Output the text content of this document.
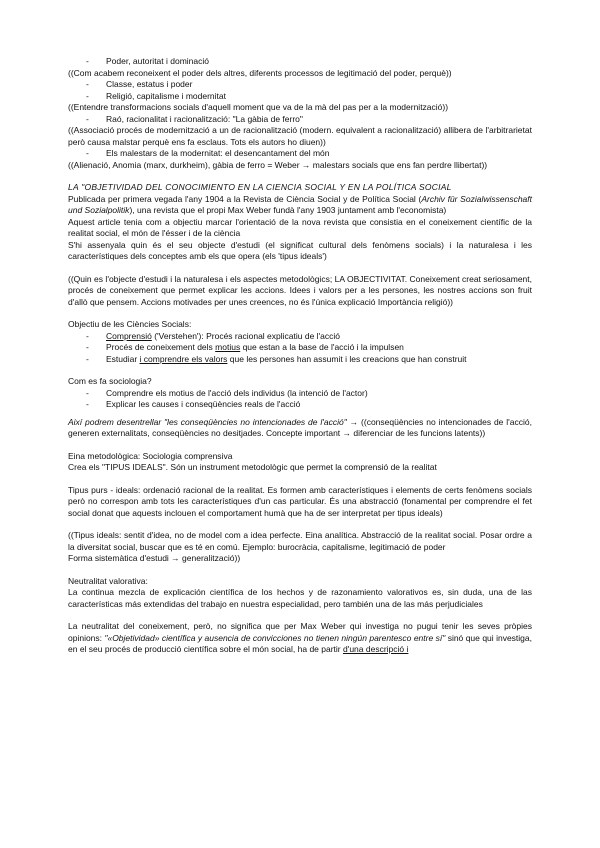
-	Poder, autoritat i dominació

((Com acabem reconeixent el poder dels altres, diferents processos de legitimació del poder, perquè))

-	Classe, estatus i poder
-	Religió, capitalisme i modernitat

((Entendre transformacions socials d'aquell moment que va de la mà del pas per a la modernització))

-	Raó, racionalitat i racionalització: "La gàbia de ferro"

((Associació procés de modernització a un de racionalització (modern. equivalent a racionalització) allibera de l'arbitrarietat però causa malstar perquè ens fa esclaus. Tots els autors ho diuen))

-	Els malestars de la modernitat: el desencantament del món

((Alienació, Anomia (marx, durkheim), gàbia de ferro = Weber → malestars socials que ens fan perdre llibertat))

LA "OBJETIVIDAD DEL CONOCIMIENTO EN LA CIENCIA SOCIAL Y EN LA POLÍTICA SOCIAL

Publicada per primera vegada l'any 1904 a la Revista de Ciència Social y de Política Social (Archiv für Sozialwissenschaft und Sozialpolitik), una revista que el propi Max Weber fundà l'any 1903 juntament amb l'economista)

Aquest article tenia com a objectiu marcar l'orientació de la nova revista que consistia en el coneixement científic de la realitat social, el món de l'ésser i de la ciència

S'hi assenyala quin és el seu objecte d'estudi (el significat cultural dels fenòmens socials) i la naturalesa i les característiques dels conceptes amb els que opera (els 'tipus ideals')

((Quin es l'objecte d'estudi i la naturalesa i els aspectes metodològics; LA OBJECTIVITAT. Coneixement creat seriosament, procés de coneixement que permet explicar les accions. Idees i valors per a les persones, les nostres accions son fruit d'allò que pensem. Accions motivades per unes creences, no és l'única explicació Importància religió))

Objectiu de les Ciències Socials:

-	Comprensió ('Verstehen'): Procés racional explicatiu de l'acció
-	Procés de coneixement dels motius que estan a la base de l'acció i la impulsen
-	Estudiar i comprendre els valors que les persones han assumit i les creacions que han construit

Com es fa sociologia?

-	Comprendre els motius de l'acció dels individus (la intenció de l'actor)
-	Explicar les causes i conseqüències reals de l'acció

Així podrem desentrellar "les conseqüències no intencionades de l'acció" → ((conseqüències no intencionades de l'acció, generen externalitats, conseqüències no desitjades. Concepte important → diferenciar de les funcions latents))

Eina metodològica: Sociologia comprensiva

Crea els "TIPUS IDEALS". Són un instrument metodològic que permet la comprensió de la realitat

Tipus purs - ideals: ordenació racional de la realitat. Es formen amb característiques i elements de certs fenòmens socials però no correspon amb tots les característiques d'un cas particular. És una abstracció (fonamental per comprendre el fet social donat que aquests inclouen el comportament humà que ha de ser interpretat per tipus ideals)

((Tipus ideals: sentit d'idea, no de model com a idea perfecte. Eina analítica. Abstracció de la realitat social. Posar ordre a la diversitat social, buscar que es té en comú. Ejemplo: burocràcia, capitalisme, legitimació de poder

Forma sistemàtica d'estudi → generalització))

Neutralitat valorativa:

La continua mezcla de explicación científica de los hechos y de razonamiento valorativos es, sin duda, una de las características más extendidas del trabajo en nuestra especialidad, pero también una de las más perjudiciales

La neutralitat del coneixement, però, no significa que per Max Weber qui investiga no pugui tenir les seves pròpies opinions: "«Objetividad» científica y ausencia de convicciones no tienen ningún parentesco entre sí" sinó que qui investiga, en el seu procés de producció científica sobre el món social, ha de partir d'una descripció i
